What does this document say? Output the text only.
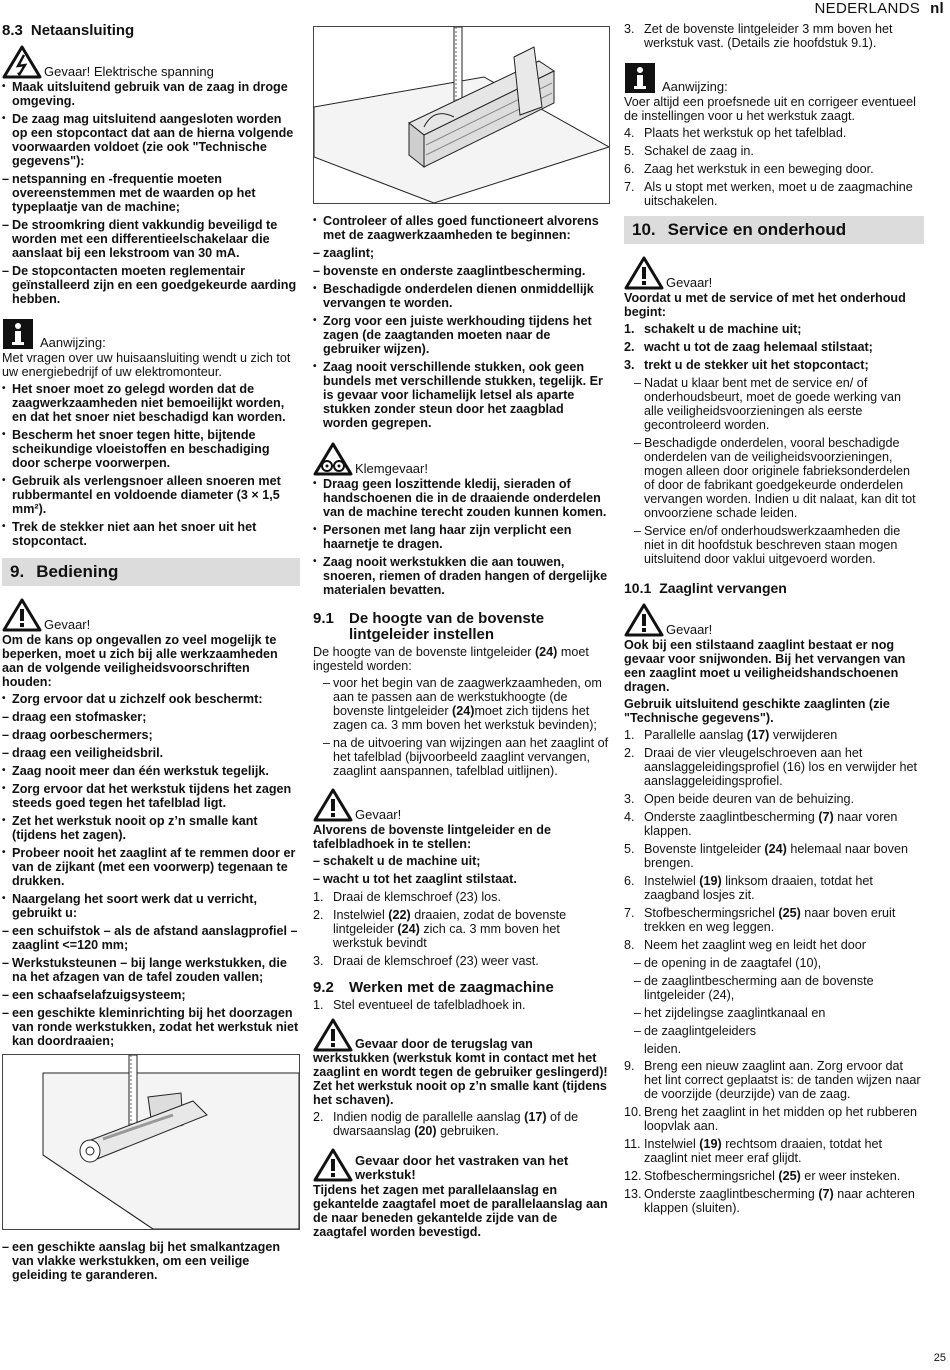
NEDERLANDS nl
8.3 Netaansluiting
Gevaar! Elektrische spanning
• Maak uitsluitend gebruik van de zaag in droge omgeving.
• De zaag mag uitsluitend aangesloten worden op een stopcontact dat aan de hierna volgende voorwaarden voldoet (zie ook "Technische gegevens"):
– netspanning en -frequentie moeten overeenstemmen met de waarden op het typeplaatje van de machine;
– De stroomkring dient vakkundig beveiligd te worden met een differentieelschakelaar die aanslaat bij een lekstroom van 30 mA.
– De stopcontacten moeten reglementair geïnstalleerd zijn en een goedgekeurde aarding hebben.
Aanwijzing:

Met vragen over uw huisaansluiting wendt u zich tot uw energiebedrijf of uw elektromonteur.

• Het snoer moet zo gelegd worden dat de zaagwerkzaamheden niet bemoeilijkt worden, en dat het snoer niet beschadigd kan worden.
• Bescherm het snoer tegen hitte, bijtende scheikundige vloeistoffen en beschadiging door scherpe voorwerpen.
• Gebruik als verlengsnoer alleen snoeren met rubbermantel en voldoende diameter (3 × 1,5 mm²).
• Trek de stekker niet aan het snoer uit het stopcontact.
9. Bediening
Gevaar!

Om de kans op ongevallen zo veel mogelijk te beperken, moet u zich bij alle werkzaamheden aan de volgende veiligheidsvoorschriften houden:

• Zorg ervoor dat u zichzelf ook beschermt:
– draag een stofmasker;
– draag oorbeschermers;
– draag een veiligheidsbril.
• Zaag nooit meer dan één werkstuk tegelijk.
• Zorg ervoor dat het werkstuk tijdens het zagen steeds goed tegen het tafelblad ligt.
• Zet het werkstuk nooit op z’n smalle kant (tijdens het zagen).
• Probeer nooit het zaaglint af te remmen door er van de zijkant (met een voorwerp) tegenaan te drukken.
• Naargelang het soort werk dat u verricht, gebruikt u:
– een schuifstok – als de afstand aanslagprofiel – zaaglint <=120 mm;
– Werkstuksteunen – bij lange werkstukken, die na het afzagen van de tafel zouden vallen;
– een schaafselafzuigsysteem;
– een geschikte kleminrichting bij het doorzagen van ronde werkstukken, zodat het werkstuk niet kan doordraaien;
– een geschikte aanslag bij het smalkantzagen van vlakke werkstukken, om een veilige geleiding te garanderen.
• Controleer of alles goed functioneert alvorens met de zaagwerkzaamheden te beginnen:
– zaaglint;
– bovenste en onderste zaaglintbescherming.
• Beschadigde onderdelen dienen onmiddellijk vervangen te worden.
• Zorg voor een juiste werkhouding tijdens het zagen (de zaagtanden moeten naar de gebruiker wijzen).
• Zaag nooit verschillende stukken, ook geen bundels met verschillende stukken, tegelijk. Er is gevaar voor lichamelijk letsel als aparte stukken zonder steun door het zaagblad worden gegrepen.
Klemgevaar!
• Draag geen loszittende kledij, sieraden of handschoenen die in de draaiende onderdelen van de machine terecht zouden kunnen komen.
• Personen met lang haar zijn verplicht een haarnetje te dragen.
• Zaag nooit werkstukken die aan touwen, snoeren, riemen of draden hangen of dergelijke materialen bevatten.
9.1	De hoogte van de bovenste lintgeleider instellen

De hoogte van de bovenste lintgeleider (24) moet ingesteld worden:

– voor het begin van de zaagwerkzaamheden, om aan te passen aan de werkstukhoogte (de bovenste lintgeleider (24)moet zich tijdens het zagen ca. 3 mm boven het werkstuk bevinden);
– na de uitvoering van wijzingen aan het zaaglint of het tafelblad (bijvoorbeeld zaaglint vervangen, zaaglint aanspannen, tafelblad uitlijnen).
Gevaar!

Alvorens de bovenste lintgeleider en de tafelbladhoek in te stellen:

– schakelt u de machine uit;
– wacht u tot het zaaglint stilstaat.
1. Draai de klemschroef (23) los.
2. Instelwiel (22) draaien, zodat de bovenste lintgeleider (24) zich ca. 3 mm boven het werkstuk bevindt
3. Draai de klemschroef (23) weer vast.
9.2	Werken met de zaagmachine
1. Stel eventueel de tafelbladhoek in.

Gevaar door de terugslag van werkstukken (werkstuk komt in contact met het zaaglint en wordt tegen de gebruiker geslingerd)! Zet het werkstuk nooit op z’n smalle kant (tijdens het schaven).

2. Indien nodig de parallelle aanslag (17) of de dwarsaanslag (20) gebruiken.
Gevaar door het vastraken van het werkstuk!

Tijdens het zagen met parallelaanslag en gekantelde zaagtafel moet de parallelaanslag aan de naar beneden gekantelde zijde van de zaagtafel worden bevestigd.

3. Zet de bovenste lintgeleider 3 mm boven het werkstuk vast. (Details zie hoofdstuk 9.1).
Aanwijzing:

Voer altijd een proefsnede uit en corrigeer eventueel de instellingen voor u het werkstuk zaagt.

4. Plaats het werkstuk op het tafelblad.
5. Schakel de zaag in.
6. Zaag het werkstuk in een beweging door.
7. Als u stopt met werken, moet u de zaagmachine uitschakelen.
10. Service en onderhoud
Gevaar!

Voordat u met de service of met het onderhoud begint:

1. schakelt u de machine uit;
2. wacht u tot de zaag helemaal stilstaat;
3. trekt u de stekker uit het stopcontact;
– Nadat u klaar bent met de service en/ of onderhoudsbeurt, moet de goede werking van alle veiligheidsvoorzieningen als eerste gecontroleerd worden.
– Beschadigde onderdelen, vooral beschadigde onderdelen van de veiligheidsvoorzieningen, mogen alleen door originele fabrieksonderdelen of door de fabrikant goedgekeurde onderdelen vervangen worden. Indien u dit nalaat, kan dit tot onvoorziene schade leiden.
– Service en/of onderhoudswerkzaamheden die niet in dit hoofdstuk beschreven staan mogen uitsluitend door vaklui uitgevoerd worden.
10.1 Zaaglint vervangen
Gevaar!

Ook bij een stilstaand zaaglint bestaat er nog gevaar voor snijwonden. Bij het vervangen van een zaaglint moet u veiligheidshandschoenen dragen.

Gebruik uitsluitend geschikte zaaglinten (zie "Technische gegevens").

1. Parallelle aanslag (17) verwijderen
2. Draai de vier vleugelschroeven aan het aanslaggeleidingsprofiel (16) los en verwijder het aanslaggeleidingsprofiel.
3. Open beide deuren van de behuizing.
4. Onderste zaaglintbescherming (7) naar voren klappen.
5. Bovenste lintgeleider (24) helemaal naar boven brengen.
6. Instelwiel (19) linksom draaien, totdat het zaagband losjes zit.
7. Stofbeschermingsrichel (25) naar boven eruit trekken en weg leggen.
8. Neem het zaaglint weg en leidt het door
– de opening in de zaagtafel (10),
– de zaaglintbescherming aan de bovenste lintgeleider (24),
– het zijdelingse zaaglintkanaal en
– de zaaglintgeleiders

leiden.

9. Breng een nieuw zaaglint aan. Zorg ervoor dat het lint correct geplaatst is: de tanden wijzen naar de voorzijde (deurzijde) van de zaag.
10. Breng het zaaglint in het midden op het rubberen loopvlak aan.
11. Instelwiel (19) rechtsom draaien, totdat het zaaglint niet meer eraf glijdt.
12. Stofbeschermingsrichel (25) er weer insteken.
13. Onderste zaaglintbescherming (7) naar achteren klappen (sluiten).
25
